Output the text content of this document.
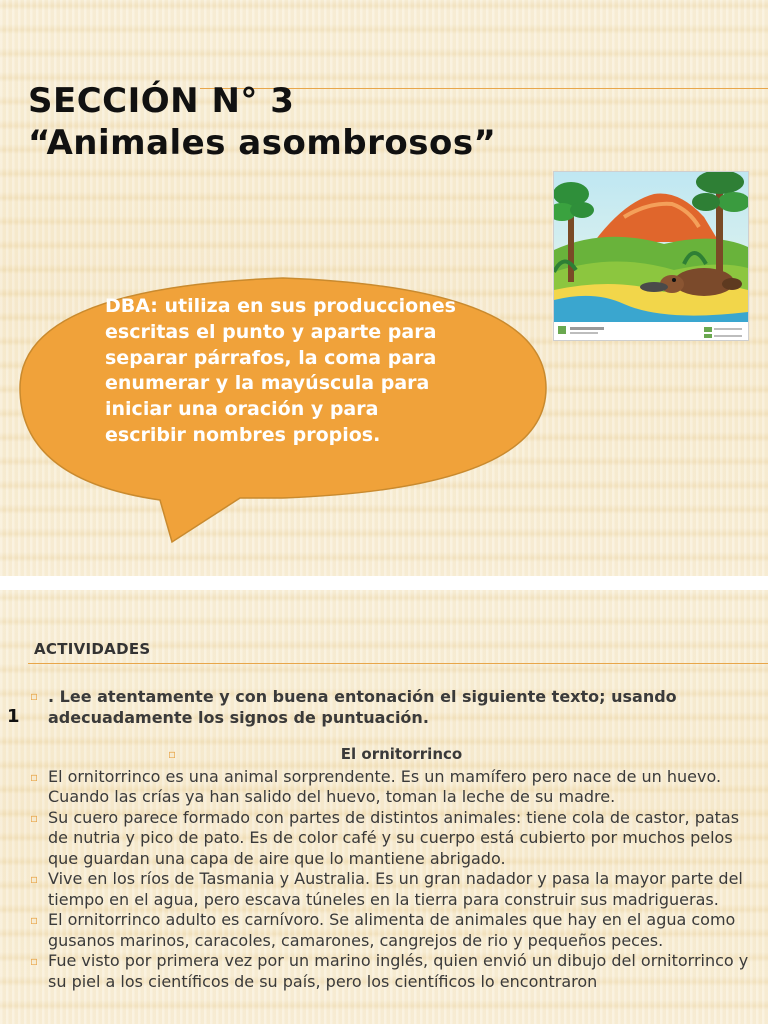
SECCIÓN N° 3
“Animales asombrosos”

DBA: utiliza en sus producciones escritas el punto y aparte para separar párrafos, la coma para enumerar y la mayúscula para iniciar una oración y para escribir nombres propios.

ACTIVIDADES
1
▫ . Lee atentamente y con buena entonación el siguiente texto; usando adecuadamente los signos de puntuación.
▫	El ornitorrinco
▫ El ornitorrinco es una animal sorprendente. Es un mamífero pero nace de un huevo. Cuando las crías ya han salido del huevo, toman la leche de su madre.
▫ Su cuero parece formado con partes de distintos animales: tiene cola de castor, patas de nutria y pico de pato. Es de color café y su cuerpo está cubierto por muchos pelos que guardan una capa de aire que lo mantiene abrigado.
▫ Vive en los ríos de Tasmania y Australia. Es un gran nadador y pasa la mayor parte del tiempo en el agua, pero escava túneles en la tierra para construir sus madrigueras.
▫ El ornitorrinco adulto es carnívoro. Se alimenta de animales que hay en el agua como gusanos marinos, caracoles, camarones, cangrejos de rio y pequeños peces.
▫ Fue visto por primera vez por un marino inglés, quien envió un dibujo del ornitorrinco y su piel a los científicos de su país, pero los científicos lo encontraron
